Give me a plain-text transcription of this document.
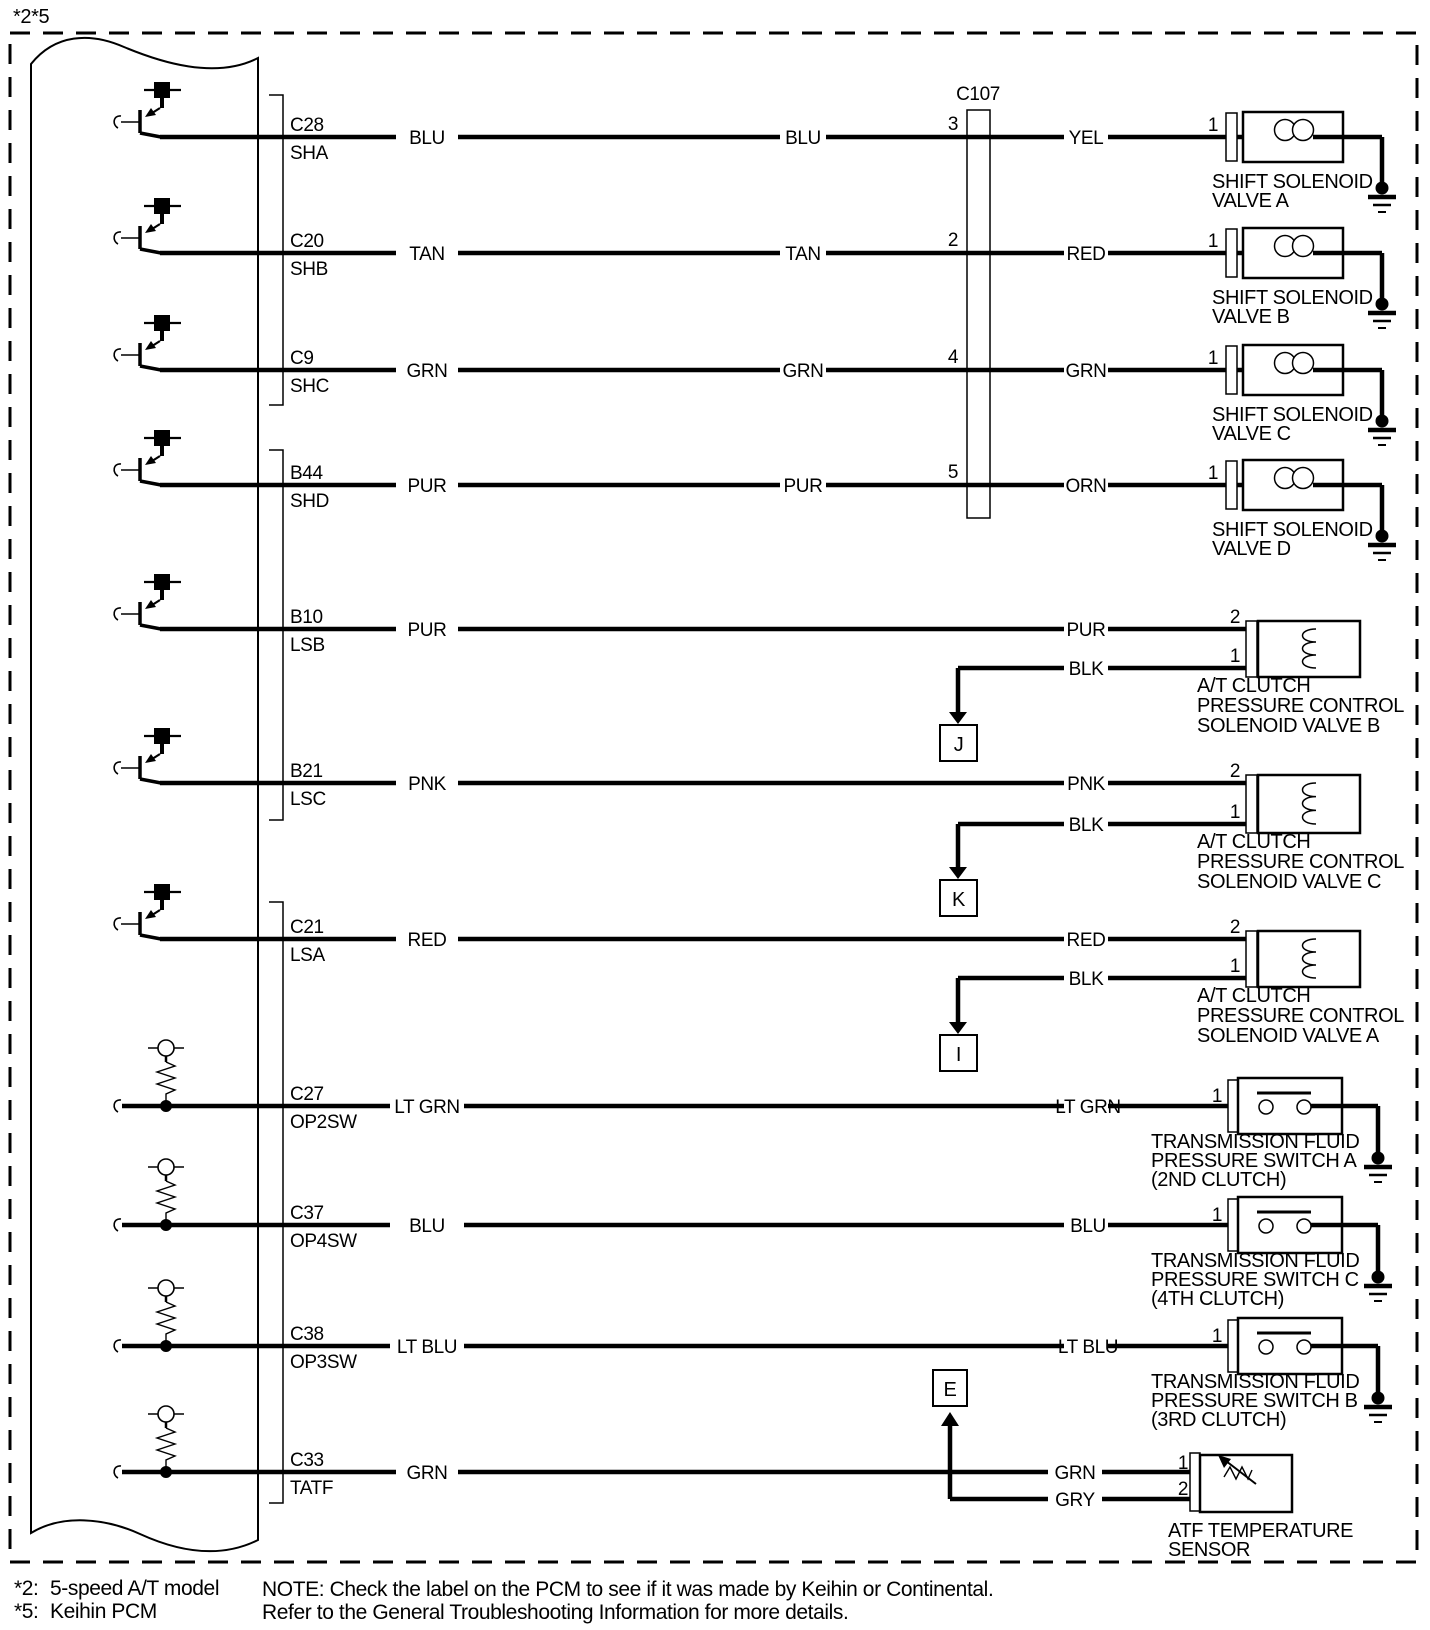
*2*5
C107
C28
SHA
BLU	BLU
3
YEL
1
SHIFT SOLENOID
VALVE A
C20
SHB
TAN	TAN
2
RED
1
SHIFT SOLENOID
VALVE B
C9
SHC
GRN	GRN
4
GRN
1
SHIFT SOLENOID
VALVE C
B44
SHD
PUR	PUR
5
ORN
1
SHIFT SOLENOID
VALVE D
B10
LSB
PUR	PUR
BLK
2
1
J
A/T CLUTCH
PRESSURE CONTROL
SOLENOID VALVE B
B21
LSC
PNK	PNK
BLK
2
1
K
A/T CLUTCH
PRESSURE CONTROL
SOLENOID VALVE C
C21
LSA
RED	RED
BLK
2
1
I
A/T CLUTCH
PRESSURE CONTROL
SOLENOID VALVE A
C27
OP2SW
LT GRN	LT GRN
1
TRANSMISSION FLUID
PRESSURE SWITCH A
(2ND CLUTCH)
C37
OP4SW
BLU	BLU
1
TRANSMISSION FLUID
PRESSURE SWITCH C
(4TH CLUTCH)
C38
OP3SW
LT BLU	LT BLU
1
TRANSMISSION FLUID
PRESSURE SWITCH B
(3RD CLUTCH)
C33
TATF
GRN	GRN
GRY
1
2
E
ATF TEMPERATURE
SENSOR
*2: 5-speed A/T model
*5: Keihin PCM
NOTE: Check the label on the PCM to see if it was made by Keihin or Continental.
Refer to the General Troubleshooting Information for more details.
